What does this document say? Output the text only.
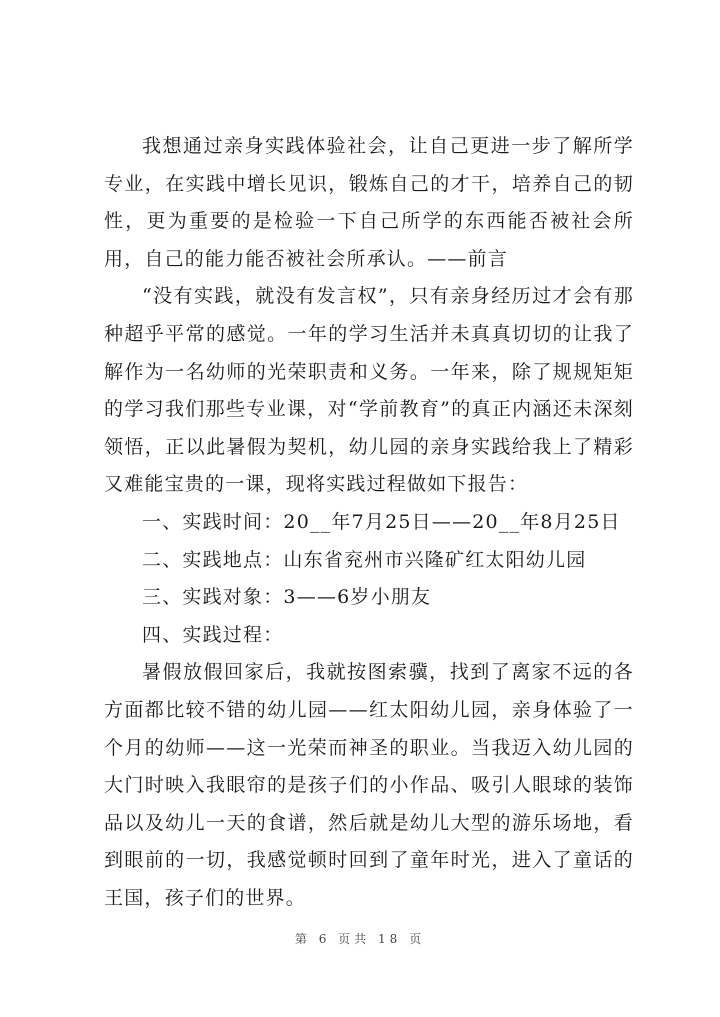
我想通过亲身实践体验社会，让自己更进一步了解所学专业，在实践中增长见识，锻炼自己的才干，培养自己的韧性，更为重要的是检验一下自己所学的东西能否被社会所用，自己的能力能否被社会所承认。——前言

“没有实践，就没有发言权”，只有亲身经历过才会有那种超乎平常的感觉。一年的学习生活并未真真切切的让我了解作为一名幼师的光荣职责和义务。一年来，除了规规矩矩的学习我们那些专业课，对“学前教育”的真正内涵还未深刻领悟，正以此暑假为契机，幼儿园的亲身实践给我上了精彩又难能宝贵的一课，现将实践过程做如下报告：

一、实践时间：20__年7月25日——20__年8月25日

二、实践地点：山东省兖州市兴隆矿红太阳幼儿园

三、实践对象：3——6岁小朋友

四、实践过程：

暑假放假回家后，我就按图索骥，找到了离家不远的各方面都比较不错的幼儿园——红太阳幼儿园，亲身体验了一个月的幼师——这一光荣而神圣的职业。当我迈入幼儿园的大门时映入我眼帘的是孩子们的小作品、吸引人眼球的装饰品以及幼儿一天的食谱，然后就是幼儿大型的游乐场地，看到眼前的一切，我感觉顿时回到了童年时光，进入了童话的王国，孩子们的世界。

第 6 页共 18 页
